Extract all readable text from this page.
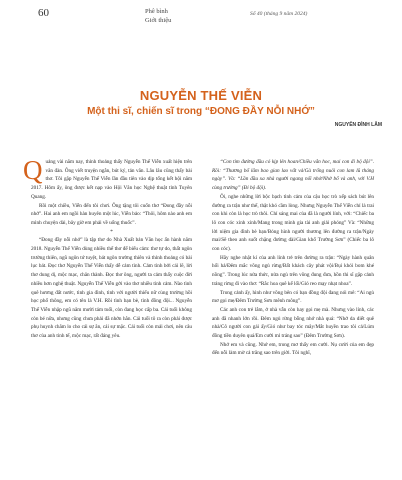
60	Phê bình
Giới thiệu
Số 40 (tháng 9 năm 2024)
NGUYỄN THẾ VIỄN
Một thi sĩ, chiến sĩ trong “ĐONG ĐẦY NỖI NHỚ”
NGUYỄN ĐÌNH LÂM

Quảng vài năm nay, thỉnh thoảng thấy Nguyễn Thế Viễn xuất hiện trên văn đàn. Ông viết truyện ngắn, bút ký, tản văn. Lâu lâu cũng thấy bài thơ. Tôi gặp Nguyễn Thế Viễn lần đầu tiên vào dịp tổng kết hội năm 2017. Hôm ấy, ông được kết nạp vào Hội Văn học Nghệ thuật tỉnh Tuyên Quang.

Rồi một chiều, Viễn đến tôi chơi. Ông tặng tôi cuốn thơ “Đong đầy nỗi nhớ”. Hai anh em ngồi hàn huyên một lúc, Viễn bảo: “Thôi, hôm nào anh em mình chuyện dài, bây giờ em phải về uống thuốc”.

*

“Đong đầy nỗi nhớ” là tập thơ do Nhà Xuất bản Văn học ấn hành năm 2018. Nguyễn Thế Viễn dùng nhiều thể thơ để biểu cảm: thơ tự do, thất ngôn trường thiên, ngũ ngôn tứ tuyệt, bát ngôn trường thiên và thỉnh thoảng có bài lục bát. Đọc thơ Nguyễn Thế Viễn thấy dễ cảm tình. Cảm tình bởi cái lẽ, lời thơ dung dị, mộc mạc, chân thành. Đọc thơ ông, người ta cảm thấy cuộc đời nhiều hơn nghệ thuật. Nguyễn Thế Viễn gởi vào thơ nhiều tình cảm. Nào tình quê hương đất nước, tình gia đình, tình với người thiếu nữ cùng trường hồi học phổ thông, em có tên là V.H. Rồi tình bạn bè, tình đồng đội... Nguyễn Thế Viễn nhập ngũ năm mười tám tuổi, còn đang học cấp ba. Cái tuổi không còn bé nữa, nhưng cũng chưa phải đã nhớn hẳn. Cái tuổi tô ra còn phải được phụ huynh chăm lo cho cái sự ăn, cái sự mặc. Cái tuổi còn mải chơi, nên câu thơ của anh tinh tế, mộc mạc, rất đáng yêu.

“Con tìm đường đầu có kịp lên hoan/Chiều vắn hoc, mai con đi bộ đội”. Rồi: “Thương bố lắm bao gian lao vất vả/Gà trống nuôi con lam lũ tháng ngày”. Và: “Lần đầu xa nhà người ngang nối nhớ/Nhớ bố và anh, với V.H cùng trường” (Đi bộ đội).

Ôi, nghe những lời bộc bạch tình cảm của cậu học trò xếp sách bút lên đường ra trận như thế, thật khó cầm lòng. Nhưng Nguyễn Thế Viễn chỉ là trai con khi còn là học trò thôi. Chỉ sáng mai của đã là người lính, với: “Chiếc ba lô con cóc xinh xinh/Mang trong mình gia tài anh giải phóng” Và: “Những lời niệm gia đình bè bạn/Bóng hình người thương lên đường ra trận/Ngày mai/Sẽ theo anh suốt chặng đường dài/Gian khổ Trường Sơn” (Chiếc ba lô con cóc).

Hãy nghe nhật kí của anh lính trẻ trên đường ra trận: “Ngày hành quân hối hả/Đêm mắc võng ngủ rừng/Bất khách cây phát vội/Bụi khói bom khé nồng”. Trong lúc nửa thức, nửa ngủ trên võng đung đưa, hồn thi sĩ gặp cảnh tráng rừng đi vào thơ: “Rắc hoa quê kể lối/Gió reo mạy nhạt nhoa”.

Trong cảnh ấy, hình như võng bên có bạn đồng đội đang nói mê: “Ai ngủ mơ gọi mẹ/Đêm Trường Sơn mênh mông”.

Các anh con trẻ lắm, ở nhà vẫn còn hay gọi mẹ mà. Nhưng vào lính, các anh đã nhanh lớn rồi. Đêm ngủ rừng bỗng nhớ nhà quá: “Nhớ da diết quê nhà/Cô người con gái ấy/Gió như bay tóc mây/Mắt huyền trao tôi cả/Lúm đồng tiền duyên quá/Em cười mỉ tráng sao” (Đêm Trường Sơn).

Nhớ em và cũng. Nhớ em, trong mơ thấy em cười. Nụ cười của em đẹp đến nỗi làm mờ cả trăng sao trên giời. Tôi nghĩ,
